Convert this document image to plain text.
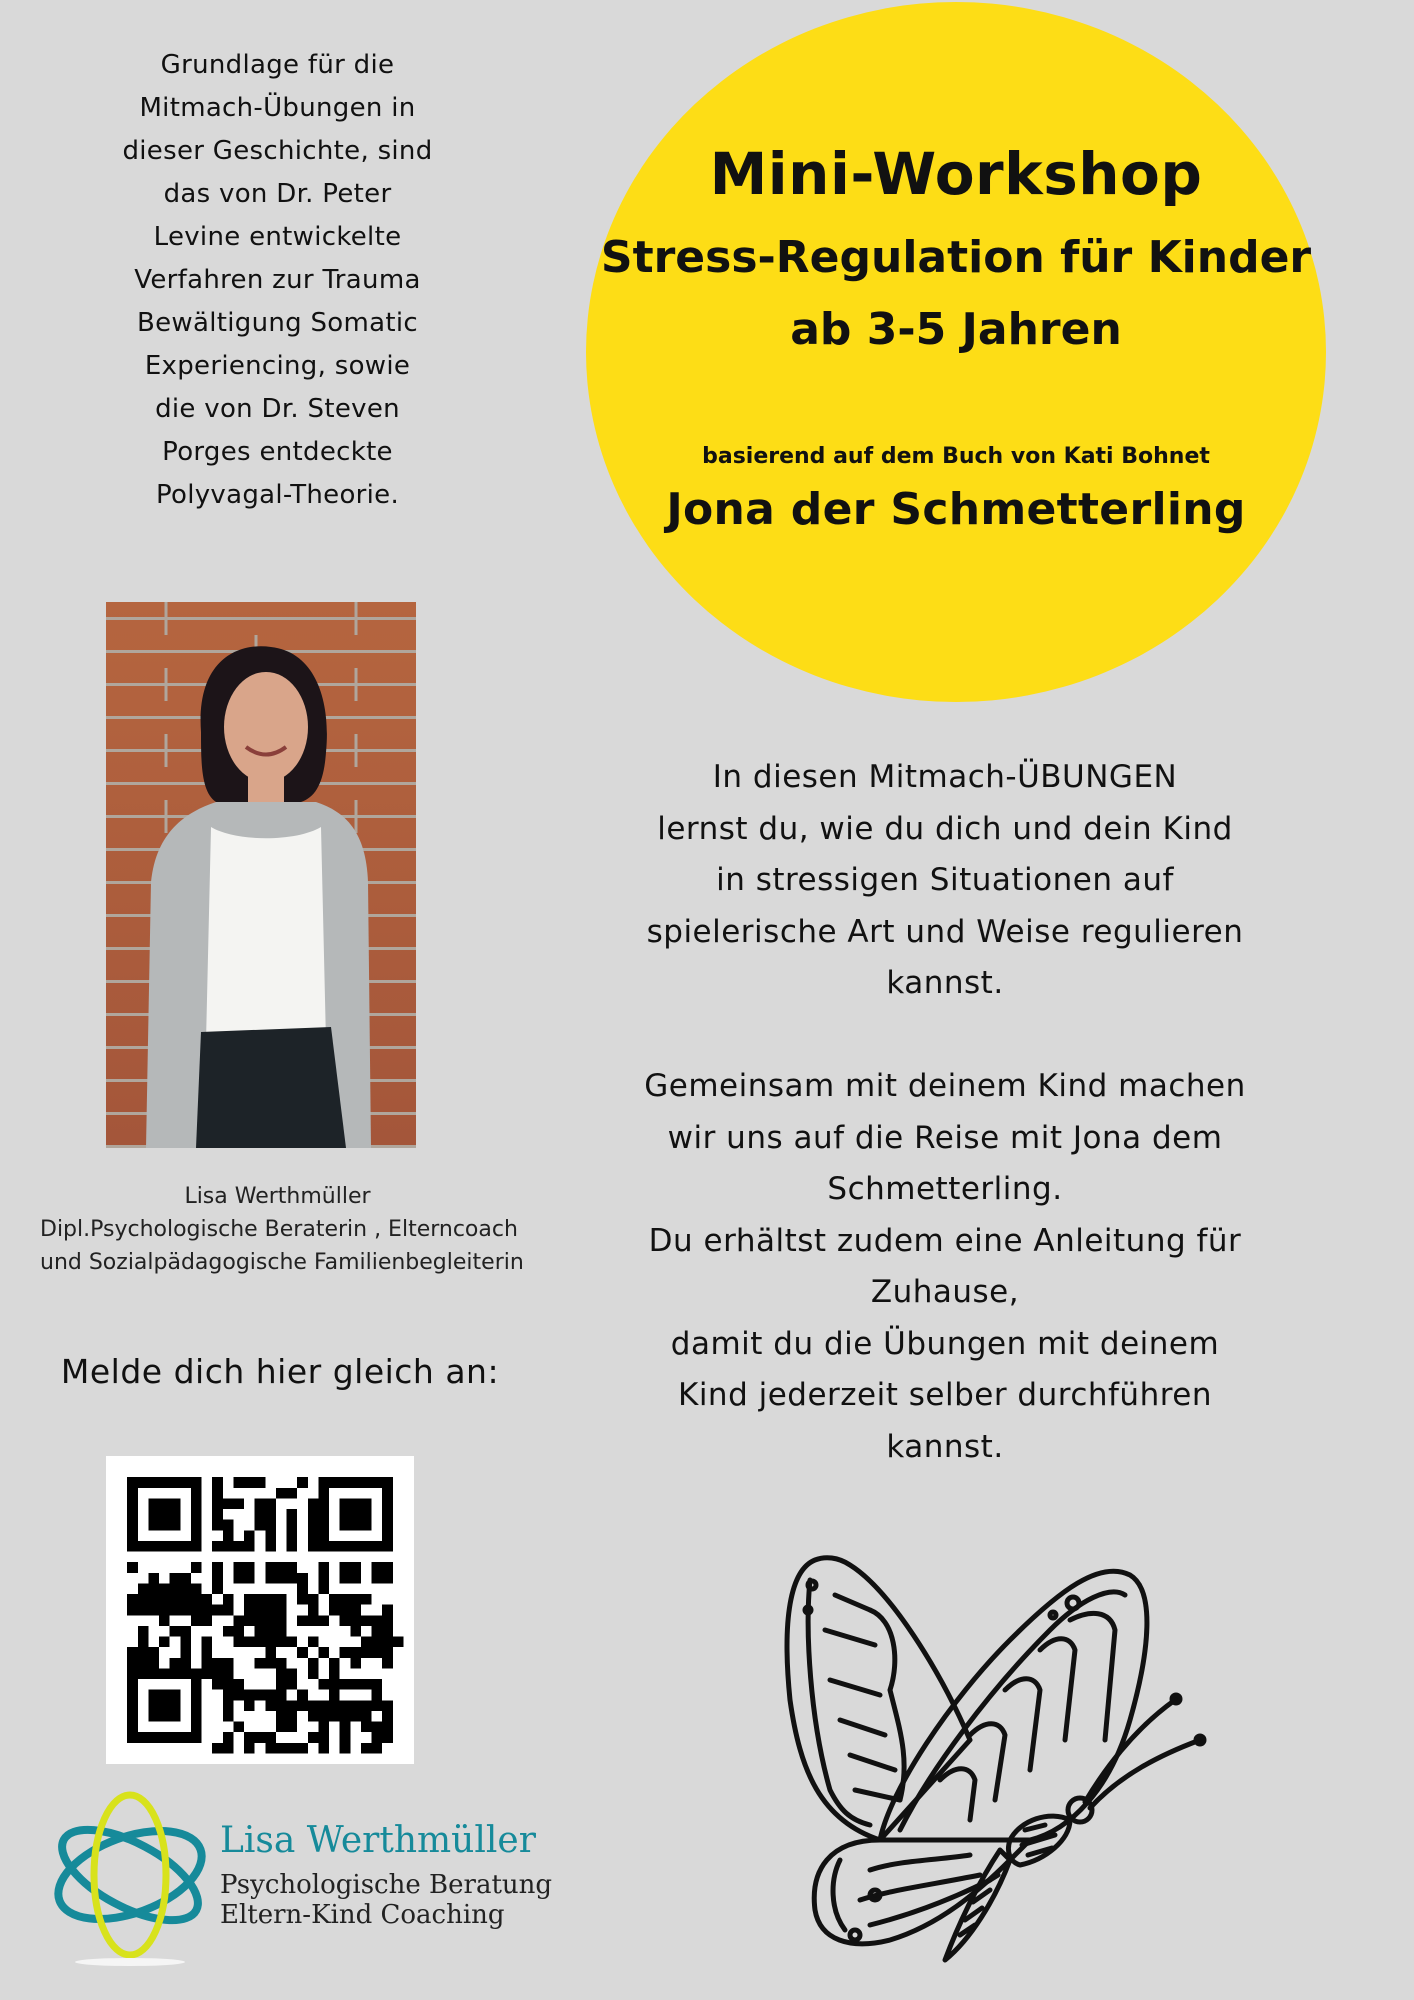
Grundlage für die
Mitmach-Übungen in
dieser Geschichte, sind
das von Dr. Peter
Levine entwickelte
Verfahren zur Trauma
Bewältigung Somatic
Experiencing, sowie
die von Dr. Steven
Porges entdeckte
Polyvagal-Theorie.
Mini-Workshop
Stress-Regulation für Kinder
ab 3-5 Jahren
basierend auf dem Buch von Kati Bohnet
Jona der Schmetterling
Lisa Werthmüller
Dipl.Psychologische Beraterin , Elterncoach
und Sozialpädagogische Familienbegleiterin
Melde dich hier gleich an:
Lisa Werthmüller
Psychologische Beratung
Eltern-Kind Coaching
In diesen Mitmach-ÜBUNGEN
lernst du, wie du dich und dein Kind
in stressigen Situationen auf
spielerische Art und Weise regulieren
kannst.
Gemeinsam mit deinem Kind machen
wir uns auf die Reise mit Jona dem
Schmetterling.
Du erhältst zudem eine Anleitung für
Zuhause,
damit du die Übungen mit deinem
Kind jederzeit selber durchführen
kannst.
